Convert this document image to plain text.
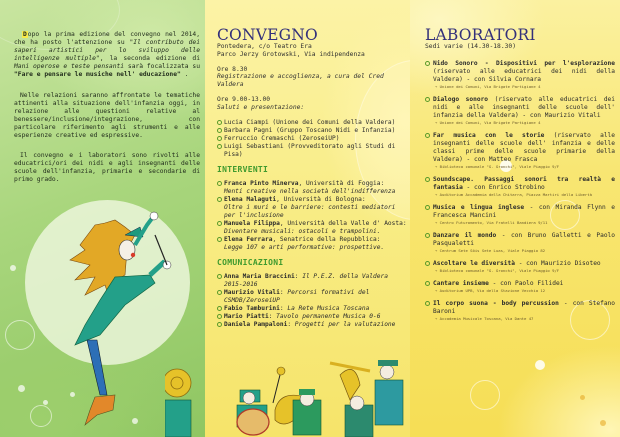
Dopo la prima edizione del convegno nel 2014, che ha posto l'attenzione su "Il contributo dei saperi artistici per lo sviluppo delle intelligenze multiple", la seconda edizione di Mani operose e teste pensanti sarà focalizzata su "Fare e pensare le musiche nell' educazione" .

Nelle relazioni saranno affrontate le tematiche attinenti alla situazione dell'infanzia oggi, in relazione alle questioni relative al benessere/inclusione/integrazione, con particolare riferimento agli strumenti e alle esperienze creative ed espressive.

Il convegno e i laboratori sono rivolti alle educatrici/ori dei nidi e agli insegnanti delle scuole dell'infanzia, primarie e secondarie di primo grado.

CONVEGNO
Pontedera, c/o Teatro Era
Parco Jerzy Grotowski, Via indipendenza
Ore 8.30
Registrazione e accoglienza, a cura del Cred Valdera
Ore 9.00-13.00
Saluti e presentazione:
Lucia Ciampi (Unione dei Comuni della Valdera)
Barbara Pagni (Gruppo Toscano Nidi e Infanzia)
Ferruccio Cremaschi (ZeroseiUP)
Luigi Sebastiani (Provveditorato agli Studi di Pisa)
INTERVENTI
Franca Pinto Minerva, Università di Foggia:
Menti creative nella società dell'indifferenza
Elena Malaguti, Università di Bologna:
Oltre i muri e le barriere: contesti mediatori per l'inclusione
Manuela Filippa, Università della Valle d' Aosta:
Diventare musicali: ostacoli e trampolini.
Elena Ferrara, Senatrice della Repubblica:
Legge 107 e arti performative: prospettive.
COMUNICAZIONI
Anna Maria Braccini: Il P.E.Z. della Valdera 2015-2016
Maurizio Vitali: Percorsi formativi del CSMDB/ZeroseiUP
Fabio Tamburini: La Rete Musica Toscana
Mario Piatti: Tavolo permanente Musica 0-6
Daniela Pampaloni: Progetti per la valutazione
LABORATORI
Sedi varie (14.30-18.30)
Nido Sonoro - Dispositivi per l'esplorazione (riservato alle educatrici dei nidi della Valdera) - con Silvia Cornara
→ Unione dei Comuni, Via Brigate Partigiane 4
Dialogo sonoro (riservato alle educatrici dei nidi e alle insegnanti delle scuole dell' infanzia della Valdera) - con Maurizio Vitali
→ Unione dei Comuni, Via Brigate Partigiane 4
Far musica con le storie (riservato alle insegnanti delle scuole dell' infanzia e delle classi prime delle scuole primarie della Valdera) - con Matteo Frasca
→ Biblioteca comunale "G. Gronchi", Viale Piaggio 9/F
Soundscape. Passaggi sonori tra realtà e fantasia - con Enrico Strobino
→ Auditorium Accademia della Chitarra, Piazza Martiri della Libertà
Musica e lingua inglese - con Miranda Flynn e Francesca Mancini
→ Centro Futuromento, Via Fratelli Bandiera 9/11
Danzare il mondo - con Bruno Galletti e Paolo Pasqualetti
→ Centrum Sete Sóis Sete Luas, Viale Piaggio 82
Ascoltare le diversità - con Maurizio Disoteo
→ Biblioteca comunale "G. Gronchi", Viale Piaggio 9/F
Cantare insieme - con Paolo Filidei
→ Auditorium UPB, Via della Stazione Vecchia 12
Il corpo suona - body percussion - con Stefano Baroni
→ Accademia Musicale Toscana, Via Dante 47
